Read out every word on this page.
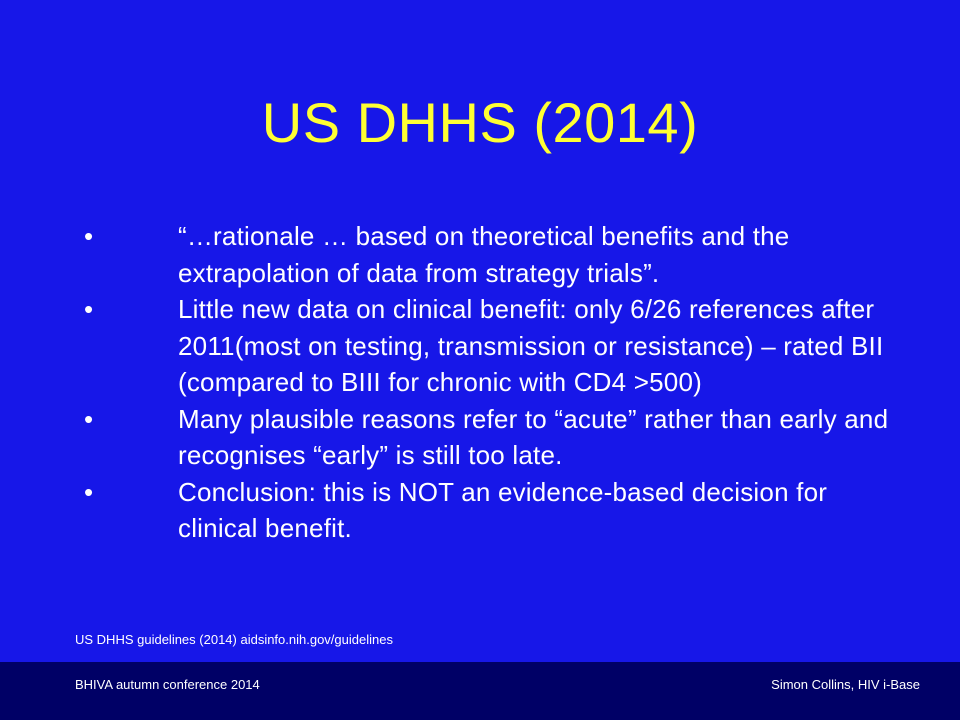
US DHHS (2014)
•	“…rationale … based on theoretical benefits and the extrapolation of data from strategy trials”.
•	Little new data on clinical benefit: only 6/26 references after 2011(most on testing, transmission or resistance) – rated BII (compared to BIII for chronic with CD4 >500)
•	Many plausible reasons refer to “acute” rather than early and recognises “early” is still too late.
•	Conclusion: this is NOT an evidence-based decision for clinical benefit.
US DHHS guidelines (2014) aidsinfo.nih.gov/guidelines
BHIVA autumn conference 2014	Simon Collins, HIV i-Base
